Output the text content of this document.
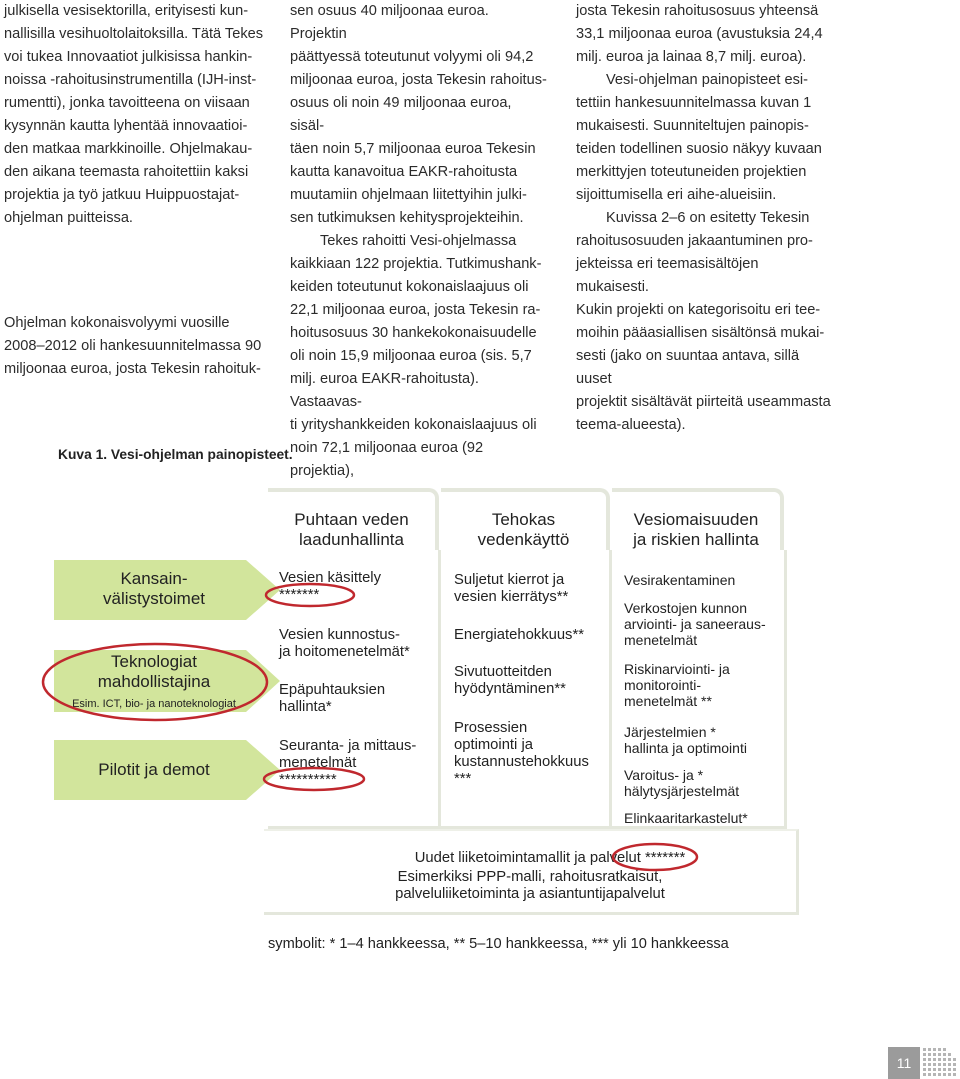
julkisella vesisektorilla, erityisesti kun-
nallisilla vesihuoltolaitoksilla. Tätä Tekes
voi tukea Innovaatiot julkisissa hankin-
noissa -rahoitusinstrumentilla (IJH-inst-
rumentti), jonka tavoitteena on viisaan
kysynnän kautta lyhentää innovaatioi-
den matkaa markkinoille. Ohjelmakau-
den aikana teemasta rahoitettiin kaksi
projektia ja työ jatkuu Huippuostajat-
ohjelman puitteissa.

Ohjelman kokonaisvolyymi vuosille
2008–2012 oli hankesuunnitelmassa 90
miljoonaa euroa, josta Tekesin rahoituk-

sen osuus 40 miljoonaa euroa. Projektin
päättyessä toteutunut volyymi oli 94,2
miljoonaa euroa, josta Tekesin rahoitus-
osuus oli noin 49 miljoonaa euroa, sisäl-
täen noin 5,7 miljoonaa euroa Tekesin
kautta kanavoitua EAKR-rahoitusta
muutamiin ohjelmaan liitettyihin julki-
sen tutkimuksen kehitysprojekteihin.

Tekes rahoitti Vesi-ohjelmassa
kaikkiaan 122 projektia. Tutkimushank-
keiden toteutunut kokonaislaajuus oli
22,1 miljoonaa euroa, josta Tekesin ra-
hoitusosuus 30 hankekokonaisuudelle
oli noin 15,9 miljoonaa euroa (sis. 5,7
milj. euroa EAKR-rahoitusta). Vastaavas-
ti yrityshankkeiden kokonaislaajuus oli
noin 72,1 miljoonaa euroa (92 projektia),

josta Tekesin rahoitusosuus yhteensä
33,1 miljoonaa euroa (avustuksia 24,4
milj. euroa ja lainaa 8,7 milj. euroa).

Vesi-ohjelman painopisteet esi-
tettiin hankesuunnitelmassa kuvan 1
mukaisesti. Suunniteltujen painopis-
teiden todellinen suosio näkyy kuvaan
merkittyjen toteutuneiden projektien
sijoittumisella eri aihe-alueisiin.

Kuvissa 2–6 on esitetty Tekesin
rahoitusosuuden jakaantuminen pro-
jekteissa eri teemasisältöjen mukaisesti.
Kukin projekti on kategorisoitu eri tee-
moihin pääasiallisen sisältönsä mukai-
sesti (jako on suuntaa antava, sillä uuset
projektit sisältävät piirteitä useammasta
teema-alueesta).

Kuva 1. Vesi-ohjelman painopisteet.
Puhtaan veden
laadunhallinta
Tehokas
vedenkäyttö
Vesiomaisuuden
ja riskien hallinta
Kansain-
välistystoimet
Teknologiat
mahdollistajina
Esim. ICT, bio- ja nanoteknologiat
Pilotit ja demot
Vesien käsittely
*******
Vesien kunnostus-
ja hoitomenetelmät*
Epäpuhtauksien
hallinta*
Seuranta- ja mittaus-
menetelmät
**********
Suljetut kierrot ja
vesien kierrätys**
Energiatehokkuus**
Sivutuotteitden
hyödyntäminen**
Prosessien
optimointi ja
kustannustehokkuus
***
Vesirakentaminen
Verkostojen kunnon
arviointi- ja saneeraus-
menetelmät
Riskinarviointi- ja
monitorointi-
menetelmät **
Järjestelmien *
hallinta ja optimointi
Varoitus- ja *
hälytysjärjestelmät
Elinkaaritarkastelut*
Uudet liiketoimintamallit ja palvelut *******
Esimerkiksi PPP-malli, rahoitusratkaisut,
palveluliiketoiminta ja asiantuntijapalvelut
symbolit: * 1–4 hankkeessa, ** 5–10 hankkeessa, *** yli 10 hankkeessa
11
